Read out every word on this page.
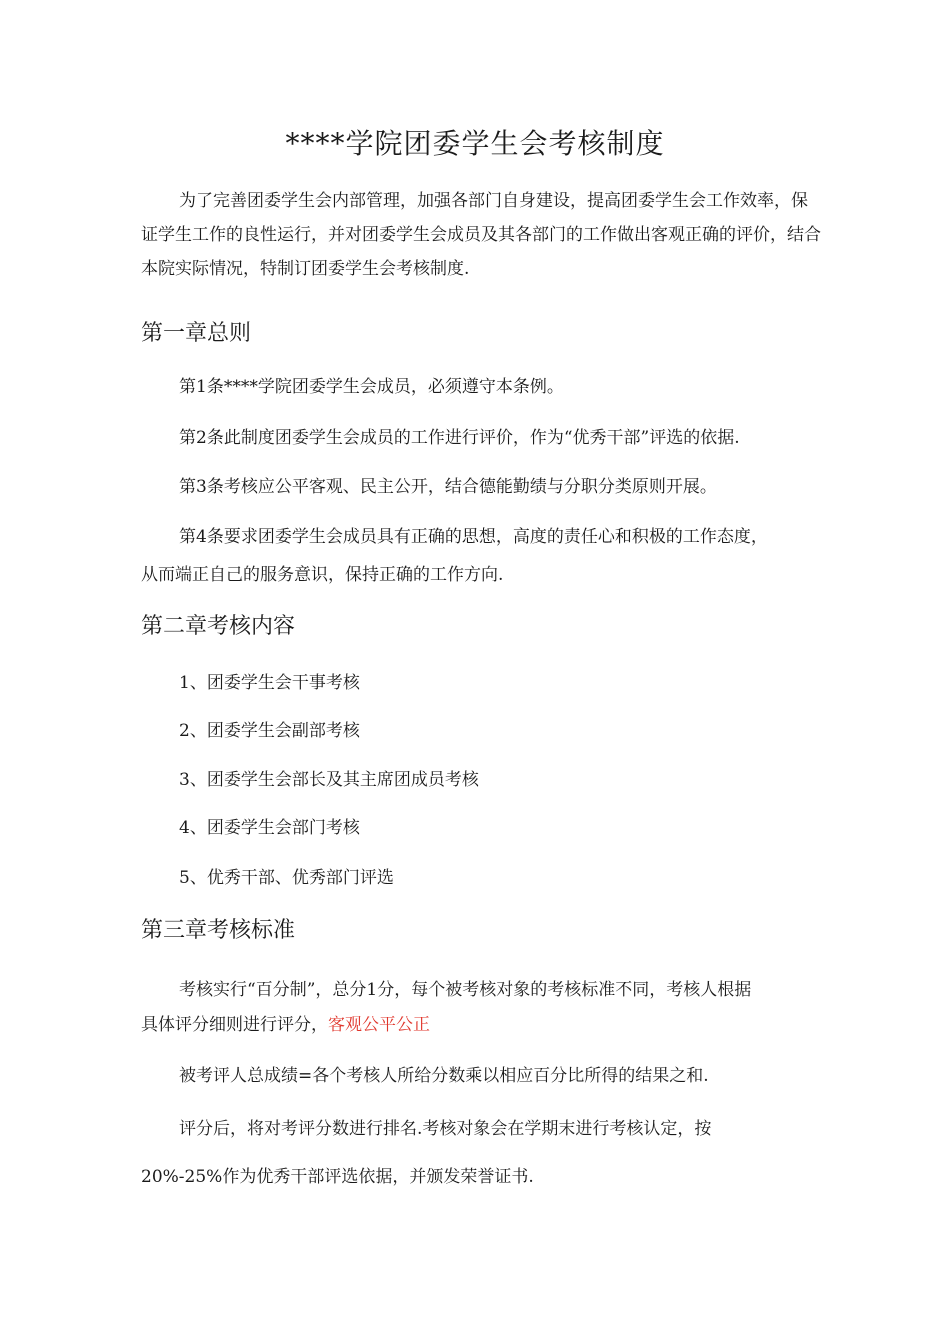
****学院团委学生会考核制度

为了完善团委学生会内部管理，加强各部门自身建设，提高团委学生会工作效率，保证学生工作的良性运行，并对团委学生会成员及其各部门的工作做出客观正确的评价，结合本院实际情况，特制订团委学生会考核制度.

第一章总则
第1条****学院团委学生会成员，必须遵守本条例。
第2条此制度团委学生会成员的工作进行评价，作为“优秀干部”评选的依据.
第3条考核应公平客观、民主公开，结合德能勤绩与分职分类原则开展。
第4条要求团委学生会成员具有正确的思想，高度的责任心和积极的工作态度，
从而端正自己的服务意识，保持正确的工作方向.
第二章考核内容
1、团委学生会干事考核
2、团委学生会副部考核
3、团委学生会部长及其主席团成员考核
4、团委学生会部门考核
5、优秀干部、优秀部门评选
第三章考核标准
考核实行“百分制”，总分1分，每个被考核对象的考核标准不同，考核人根据
具体评分细则进行评分，客观公平公正
被考评人总成绩=各个考核人所给分数乘以相应百分比所得的结果之和.
评分后，将对考评分数进行排名.考核对象会在学期末进行考核认定，按
20%-25%作为优秀干部评选依据，并颁发荣誉证书.
